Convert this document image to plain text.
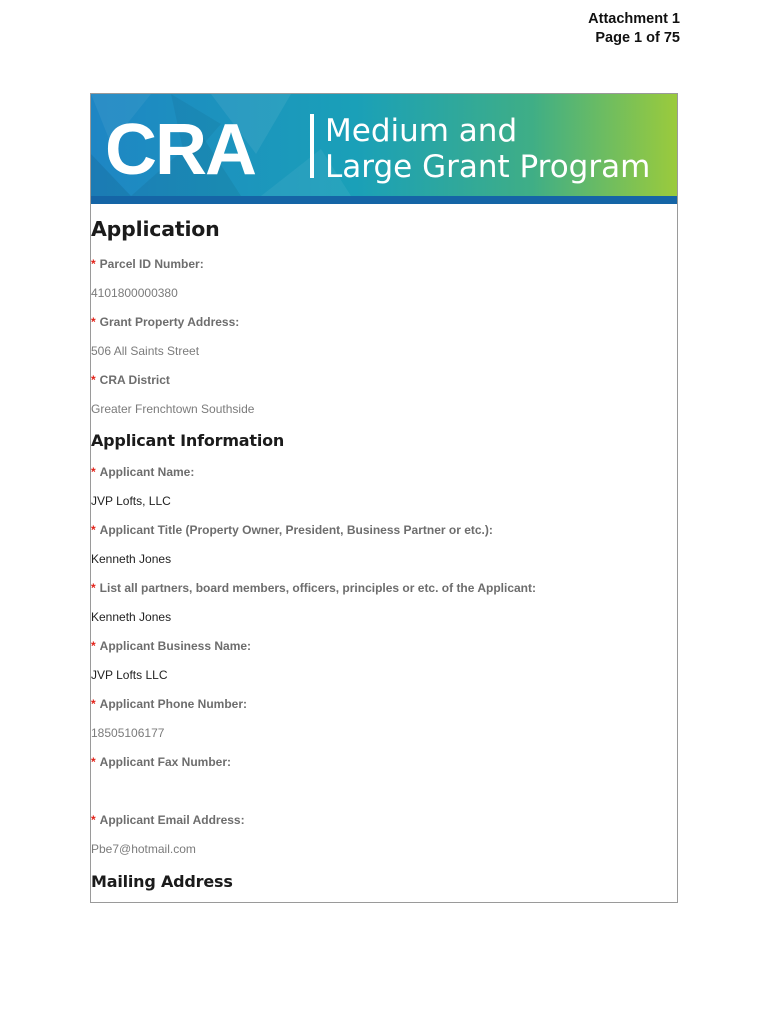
Attachment 1
Page 1 of 75
CRA Medium and
Large Grant Program
Application
* Parcel ID Number:
4101800000380
* Grant Property Address:
506 All Saints Street
* CRA District
Greater Frenchtown Southside
Applicant Information
* Applicant Name:
JVP Lofts, LLC
* Applicant Title (Property Owner, President, Business Partner or etc.):
Kenneth Jones
* List all partners, board members, officers, principles or etc. of the Applicant:
Kenneth Jones
* Applicant Business Name:
JVP Lofts LLC
* Applicant Phone Number:
18505106177
* Applicant Fax Number:
* Applicant Email Address:
Pbe7@hotmail.com
Mailing Address
